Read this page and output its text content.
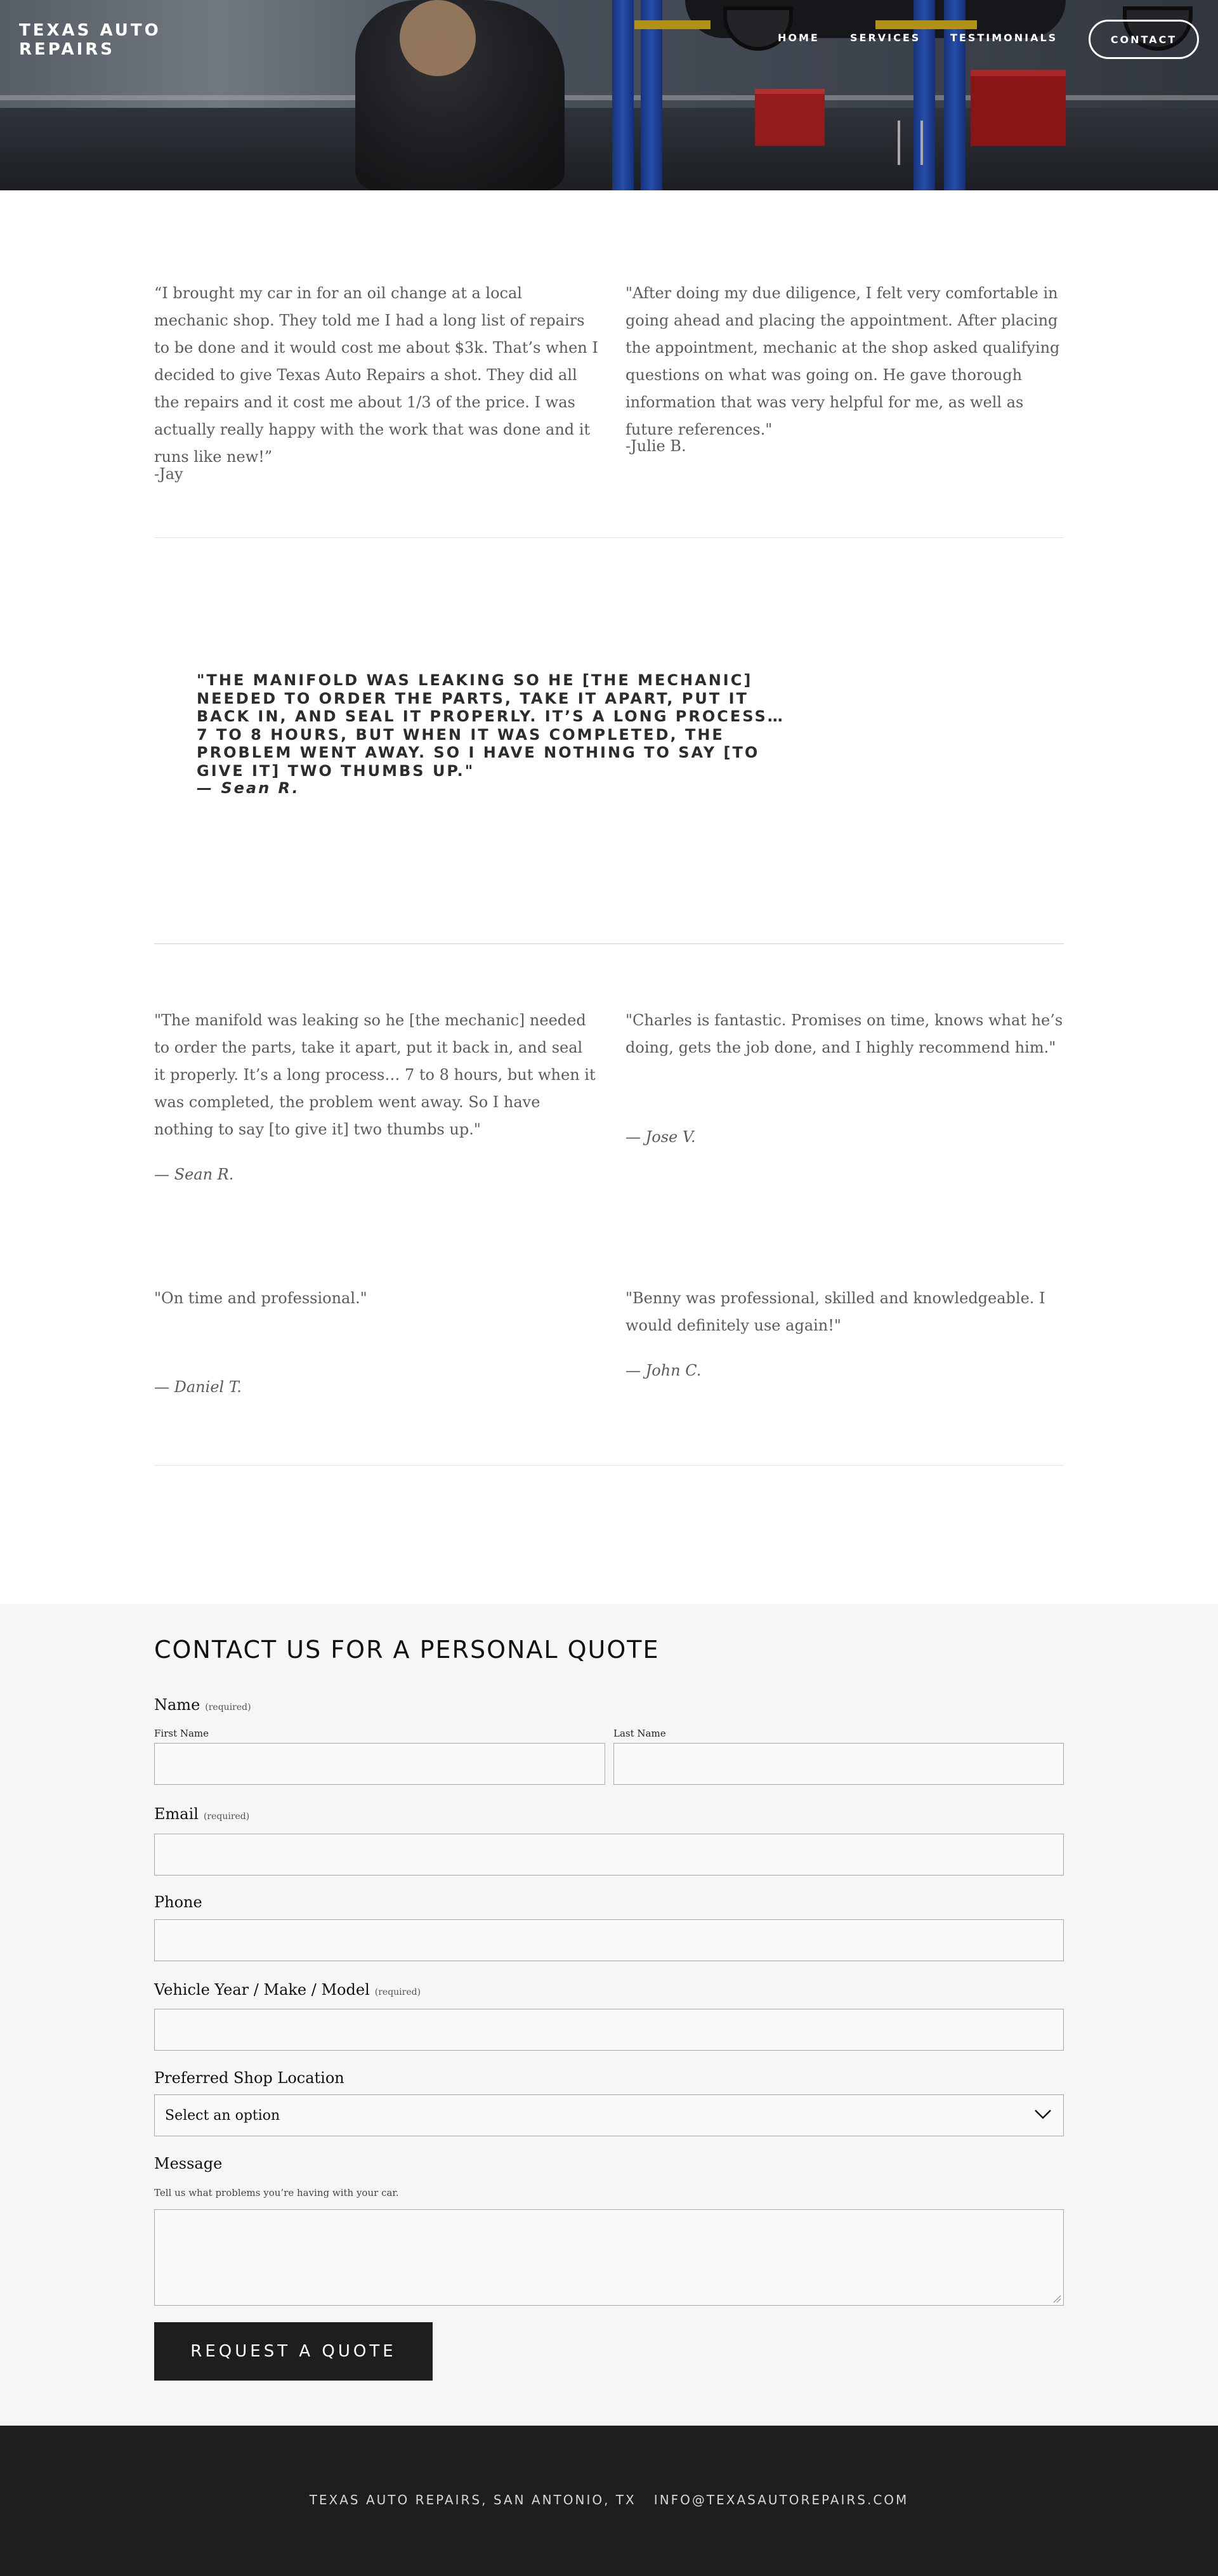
TEXAS AUTO REPAIRS
HOME	SERVICES	TESTIMONIALS	CONTACT
“I brought my car in for an oil change at a local mechanic shop. They told me I had a long list of repairs to be done and it would cost me about $3k. That’s when I decided to give Texas Auto Repairs a shot. They did all the repairs and it cost me about 1/3 of the price. I was actually really happy with the work that was done and it runs like new!”
-Jay
"After doing my due diligence, I felt very comfortable in going ahead and placing the appointment. After placing the appointment, mechanic at the shop asked qualifying questions on what was going on. He gave thorough information that was very helpful for me, as well as future references."
-Julie B.
"THE MANIFOLD WAS LEAKING SO HE [THE MECHANIC] NEEDED TO ORDER THE PARTS, TAKE IT APART, PUT IT BACK IN, AND SEAL IT PROPERLY. IT’S A LONG PROCESS… 7 TO 8 HOURS, BUT WHEN IT WAS COMPLETED, THE PROBLEM WENT AWAY. SO I HAVE NOTHING TO SAY [TO GIVE IT] TWO THUMBS UP."
— Sean R.
"The manifold was leaking so he [the mechanic] needed to order the parts, take it apart, put it back in, and seal it properly. It’s a long process… 7 to 8 hours, but when it was completed, the problem went away. So I have nothing to say [to give it] two thumbs up."
— Sean R.
"Charles is fantastic. Promises on time, knows what he’s doing, gets the job done, and I highly recommend him."
— Jose V.
"On time and professional."
— Daniel T.
"Benny was professional, skilled and knowledgeable. I would definitely use again!"
— John C.
CONTACT US FOR A PERSONAL QUOTE
Name (required)
First Name	Last Name
Email (required)
Phone
Vehicle Year / Make / Model (required)
Preferred Shop Location
Select an option
Message
Tell us what problems you’re having with your car.
REQUEST A QUOTE
TEXAS AUTO REPAIRS, SAN ANTONIO, TX   INFO@TEXASAUTOREPAIRS.COM
